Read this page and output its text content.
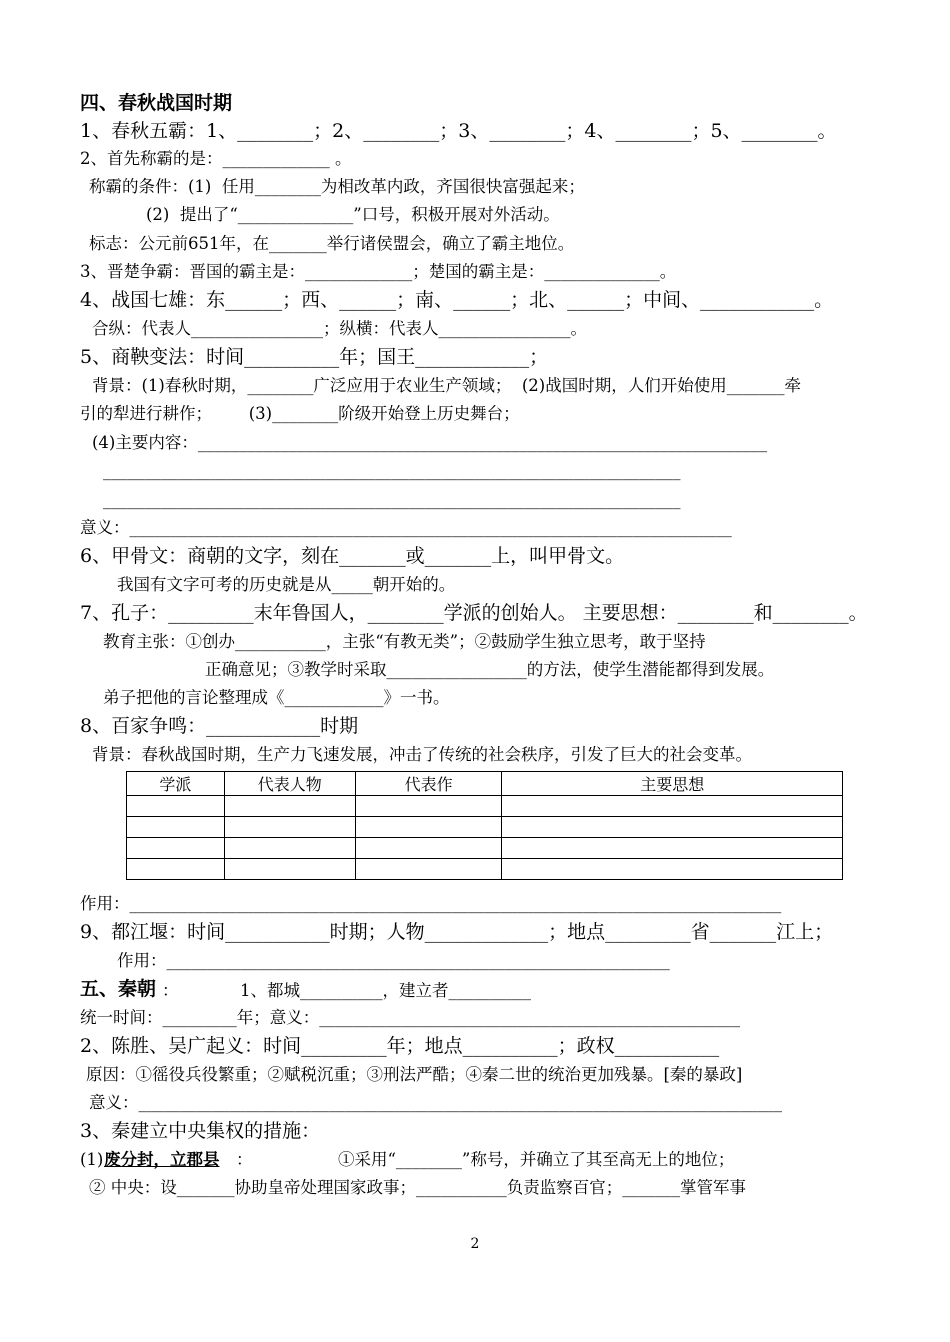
四、春秋战国时期
1、春秋五霸：1、________；2、________；3、________；4、________；5、________。
2、首先称霸的是：_____________ 。
称霸的条件：(1)  任用________为相改革内政，齐国很快富强起来；
(2)  提出了“______________”口号，积极开展对外活动。
标志：公元前651年，在_______举行诸侯盟会，确立了霸主地位。
3、晋楚争霸：晋国的霸主是：_____________；楚国的霸主是：______________。
4、战国七雄：东______；西、______；南、______；北、______；中间、____________。
合纵：代表人________________；纵横：代表人________________。
5、商鞅变法：时间__________年；国王____________；
背景：(1)春秋时期，________广泛应用于农业生产领域；  (2)战国时期，人们开始使用_______牵
引的犁进行耕作；       (3)________阶级开始登上历史舞台；
(4)主要内容：_____________________________________________________________________
______________________________________________________________________
______________________________________________________________________
意义：_________________________________________________________________________
6、甲骨文：商朝的文字，刻在_______或_______上，叫甲骨文。
我国有文字可考的历史就是从_____朝开始的。
7、孔子：_________末年鲁国人，________学派的创始人。 主要思想：________和________。
教育主张：①创办___________，主张“有教无类”；②鼓励学生独立思考，敢于坚持
正确意见；③教学时采取_________________的方法，使学生潜能都得到发展。
弟子把他的言论整理成《____________》一书。
8、百家争鸣：____________时期
背景：春秋战国时期，生产力飞速发展，冲击了传统的社会秩序，引发了巨大的社会变革。
学派	代表人物	代表作	主要思想

作用：_______________________________________________________________________________
9、都江堰：时间___________时期；人物_____________；地点_________省_______江上；
作用：_____________________________________________________________
五、秦朝 ：	1、都城__________，建立者__________
统一时间：_________年；意义：___________________________________________________
2、陈胜、吴广起义：时间_________年；地点__________；政权___________
原因：①徭役兵役繁重；②赋税沉重；③刑法严酷；④秦二世的统治更加残暴。[秦的暴政]
意义：______________________________________________________________________________
3、秦建立中央集权的措施：
(1) 废分封，立郡县 ：	①采用“________”称号，并确立了其至高无上的地位；
② 中央：设_______协助皇帝处理国家政事；___________负责监察百官；_______掌管军事
2
